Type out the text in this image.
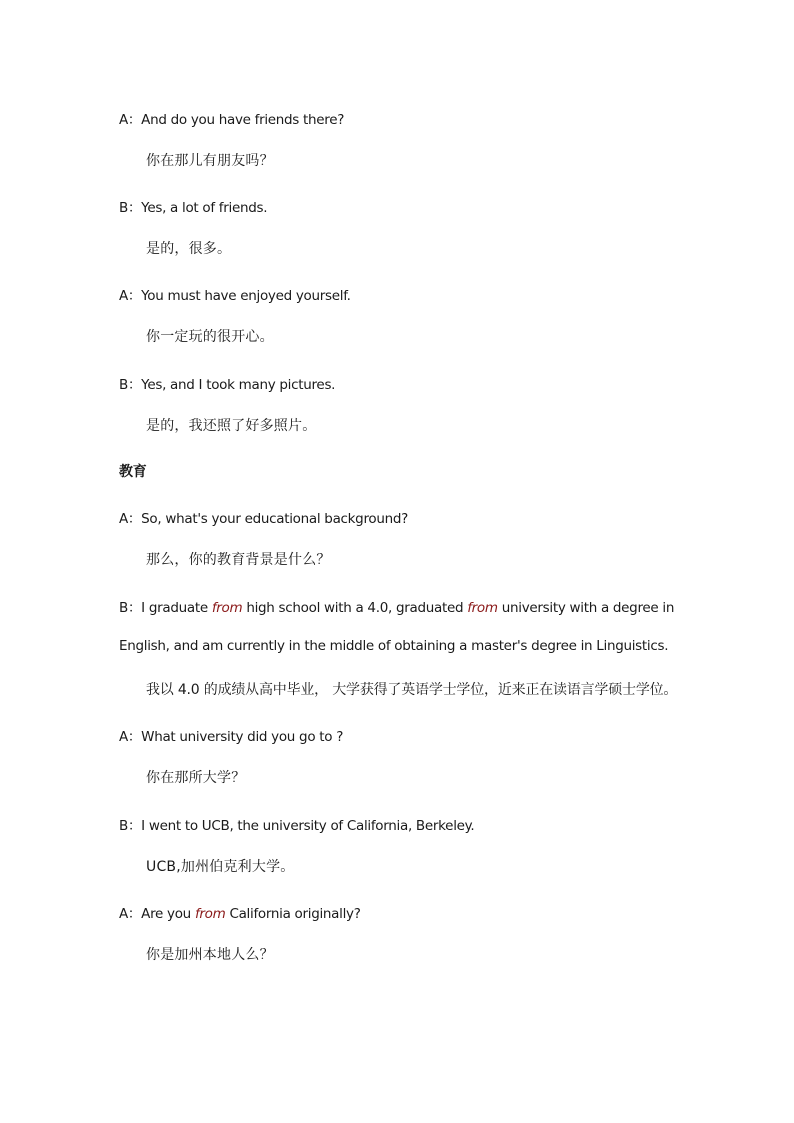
A：And do you have friends there?
你在那儿有朋友吗？
B：Yes, a lot of friends.
是的，很多。
A：You must have enjoyed yourself.
你一定玩的很开心。
B：Yes, and I took many pictures.
是的，我还照了好多照片。
教育
A：So, what's your educational background?
那么，你的教育背景是什么？
B：I graduate from high school with a 4.0, graduated from university with a degree in
English, and am currently in the middle of obtaining a master's degree in Linguistics.
我以 4.0 的成绩从高中毕业， 大学获得了英语学士学位，近来正在读语言学硕士学位。
A：What university did you go to ?
你在那所大学？
B：I went to UCB, the university of California, Berkeley.
UCB,加州伯克利大学。
A：Are you from California originally?
你是加州本地人么？
